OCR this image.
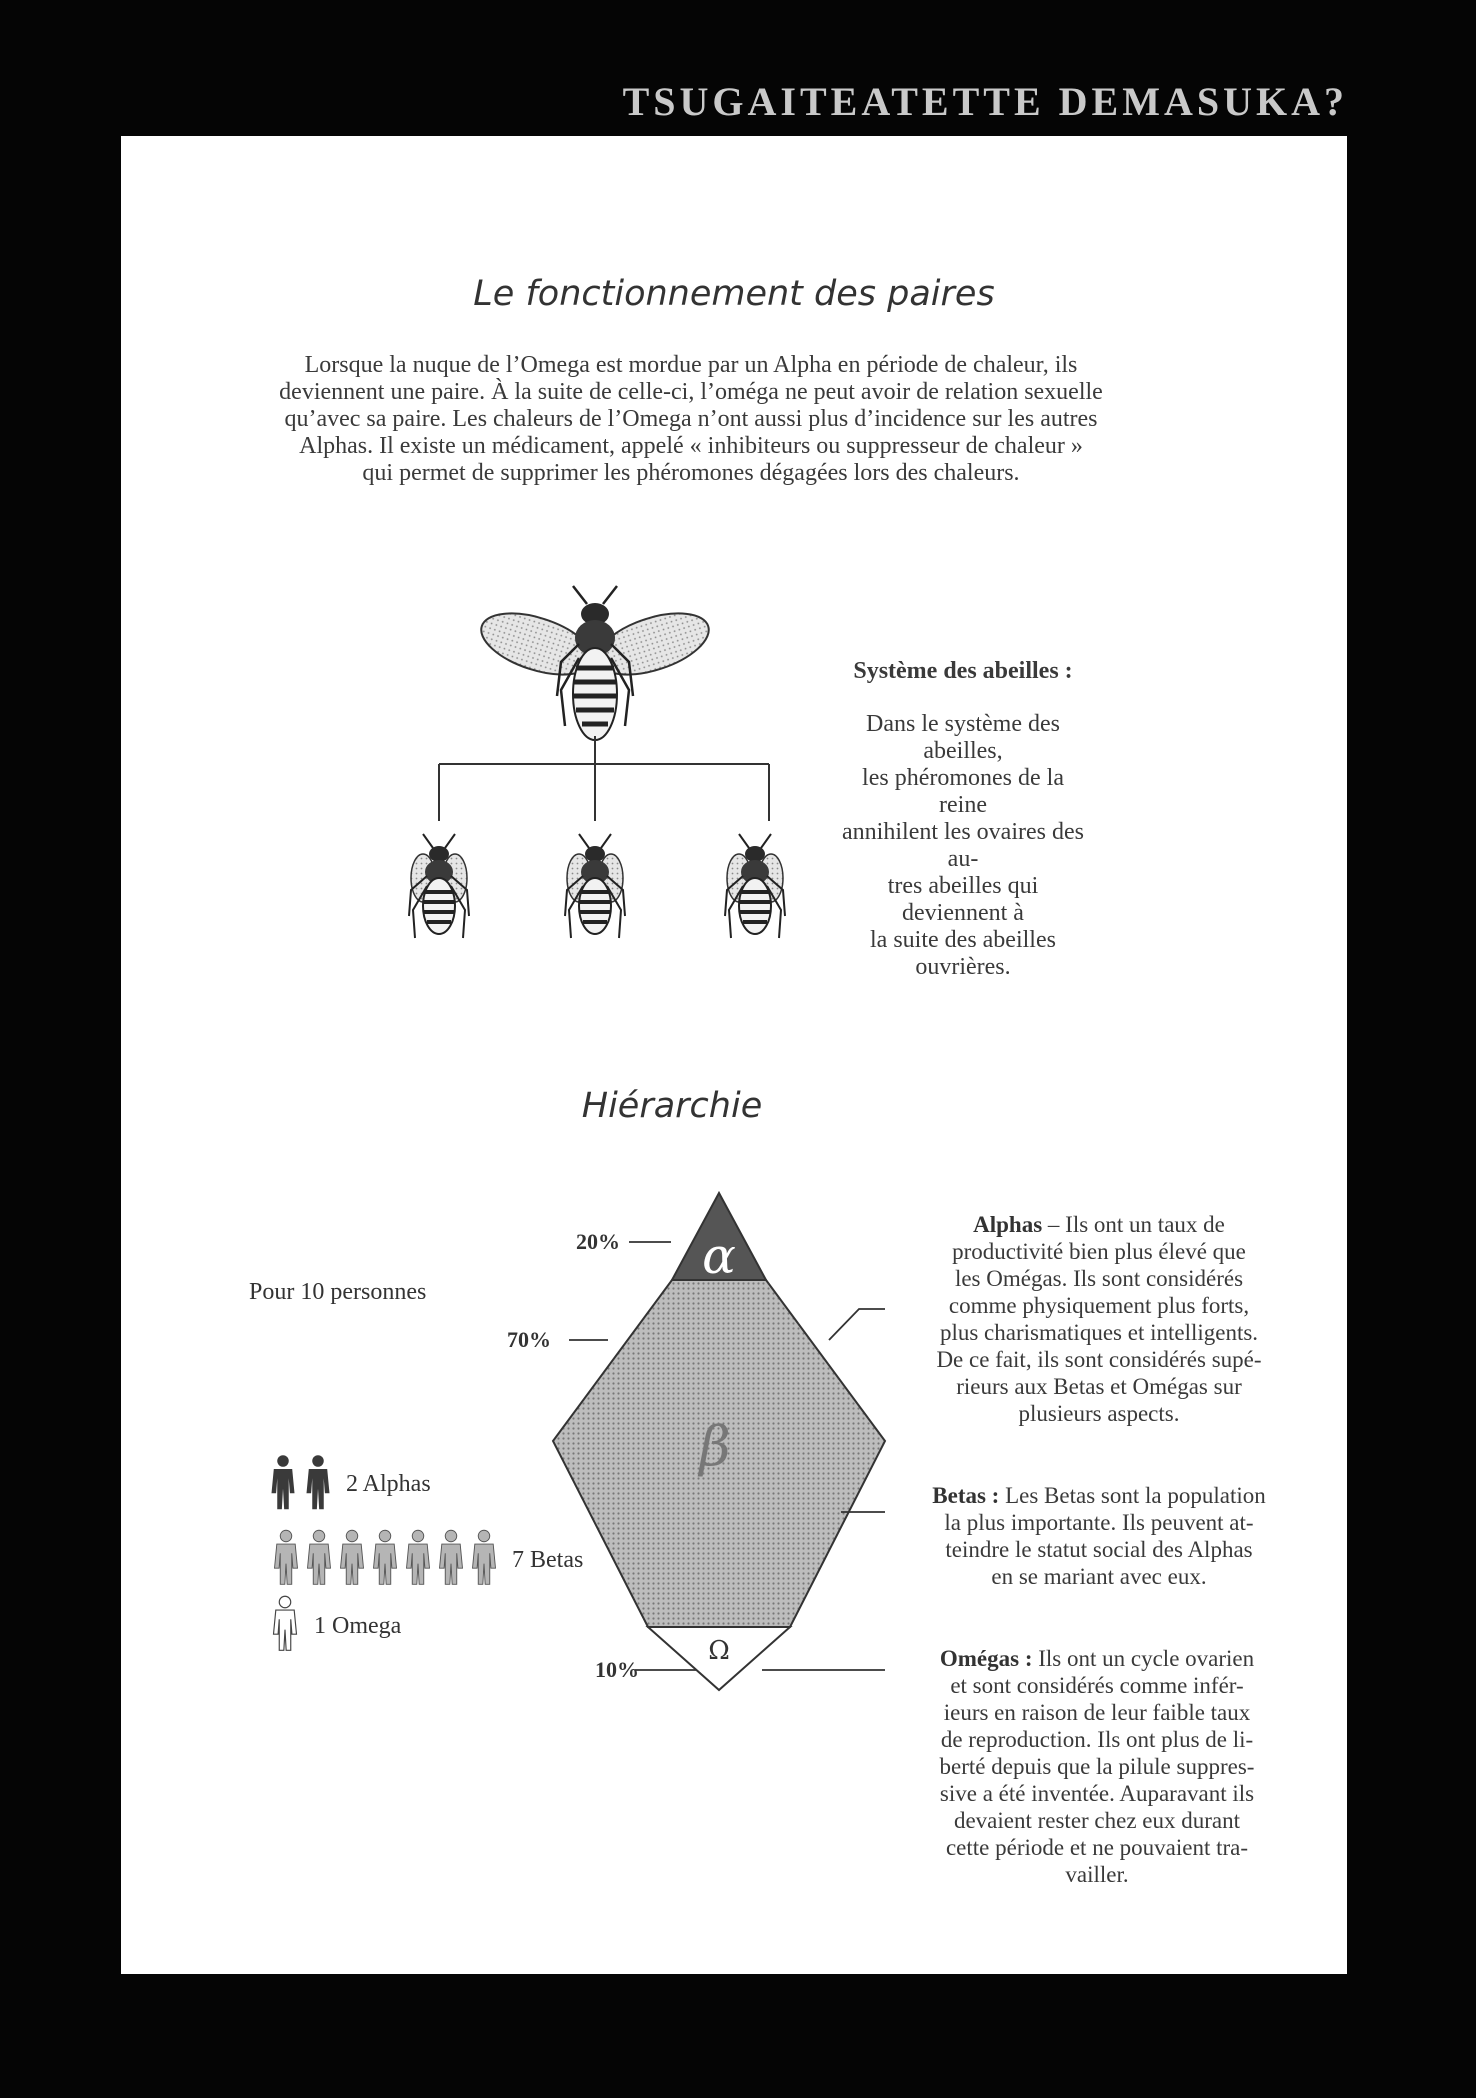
TSUGAITEATETTE DEMASUKA?
Le fonctionnement des paires
Lorsque la nuque de l’Omega est mordue par un Alpha en période de chaleur, ils
deviennent une paire. À la suite de celle-ci, l’oméga ne peut avoir de relation sexuelle
qu’avec sa paire. Les chaleurs de l’Omega n’ont aussi plus d’incidence sur les autres
Alphas. Il existe un médicament, appelé « inhibiteurs ou suppresseur de chaleur »
qui permet de supprimer les phéromones dégagées lors des chaleurs.
α
β
Ω
Système des abeilles :
Dans le système des abeilles,
les phéromones de la reine
annihilent les ovaires des au-
tres abeilles qui deviennent à
la suite des abeilles ouvrières.
Hiérarchie
Pour 10 personnes
20%
70%
10%
2 Alphas
7 Betas
1 Omega
Alphas – Ils ont un taux de
productivité bien plus élevé que
les Omégas. Ils sont considérés
comme physiquement plus forts,
plus charismatiques et intelligents.
De ce fait, ils sont considérés supé-
rieurs aux Betas et Omégas sur
plusieurs aspects.
Betas : Les Betas sont la population
la plus importante. Ils peuvent at-
teindre le statut social des Alphas
en se mariant avec eux.
Omégas : Ils ont un cycle ovarien
et sont considérés comme infér-
ieurs en raison de leur faible taux
de reproduction. Ils ont plus de li-
berté depuis que la pilule suppres-
sive a été inventée. Auparavant ils
devaient rester chez eux durant
cette période et ne pouvaient tra-
vailler.
